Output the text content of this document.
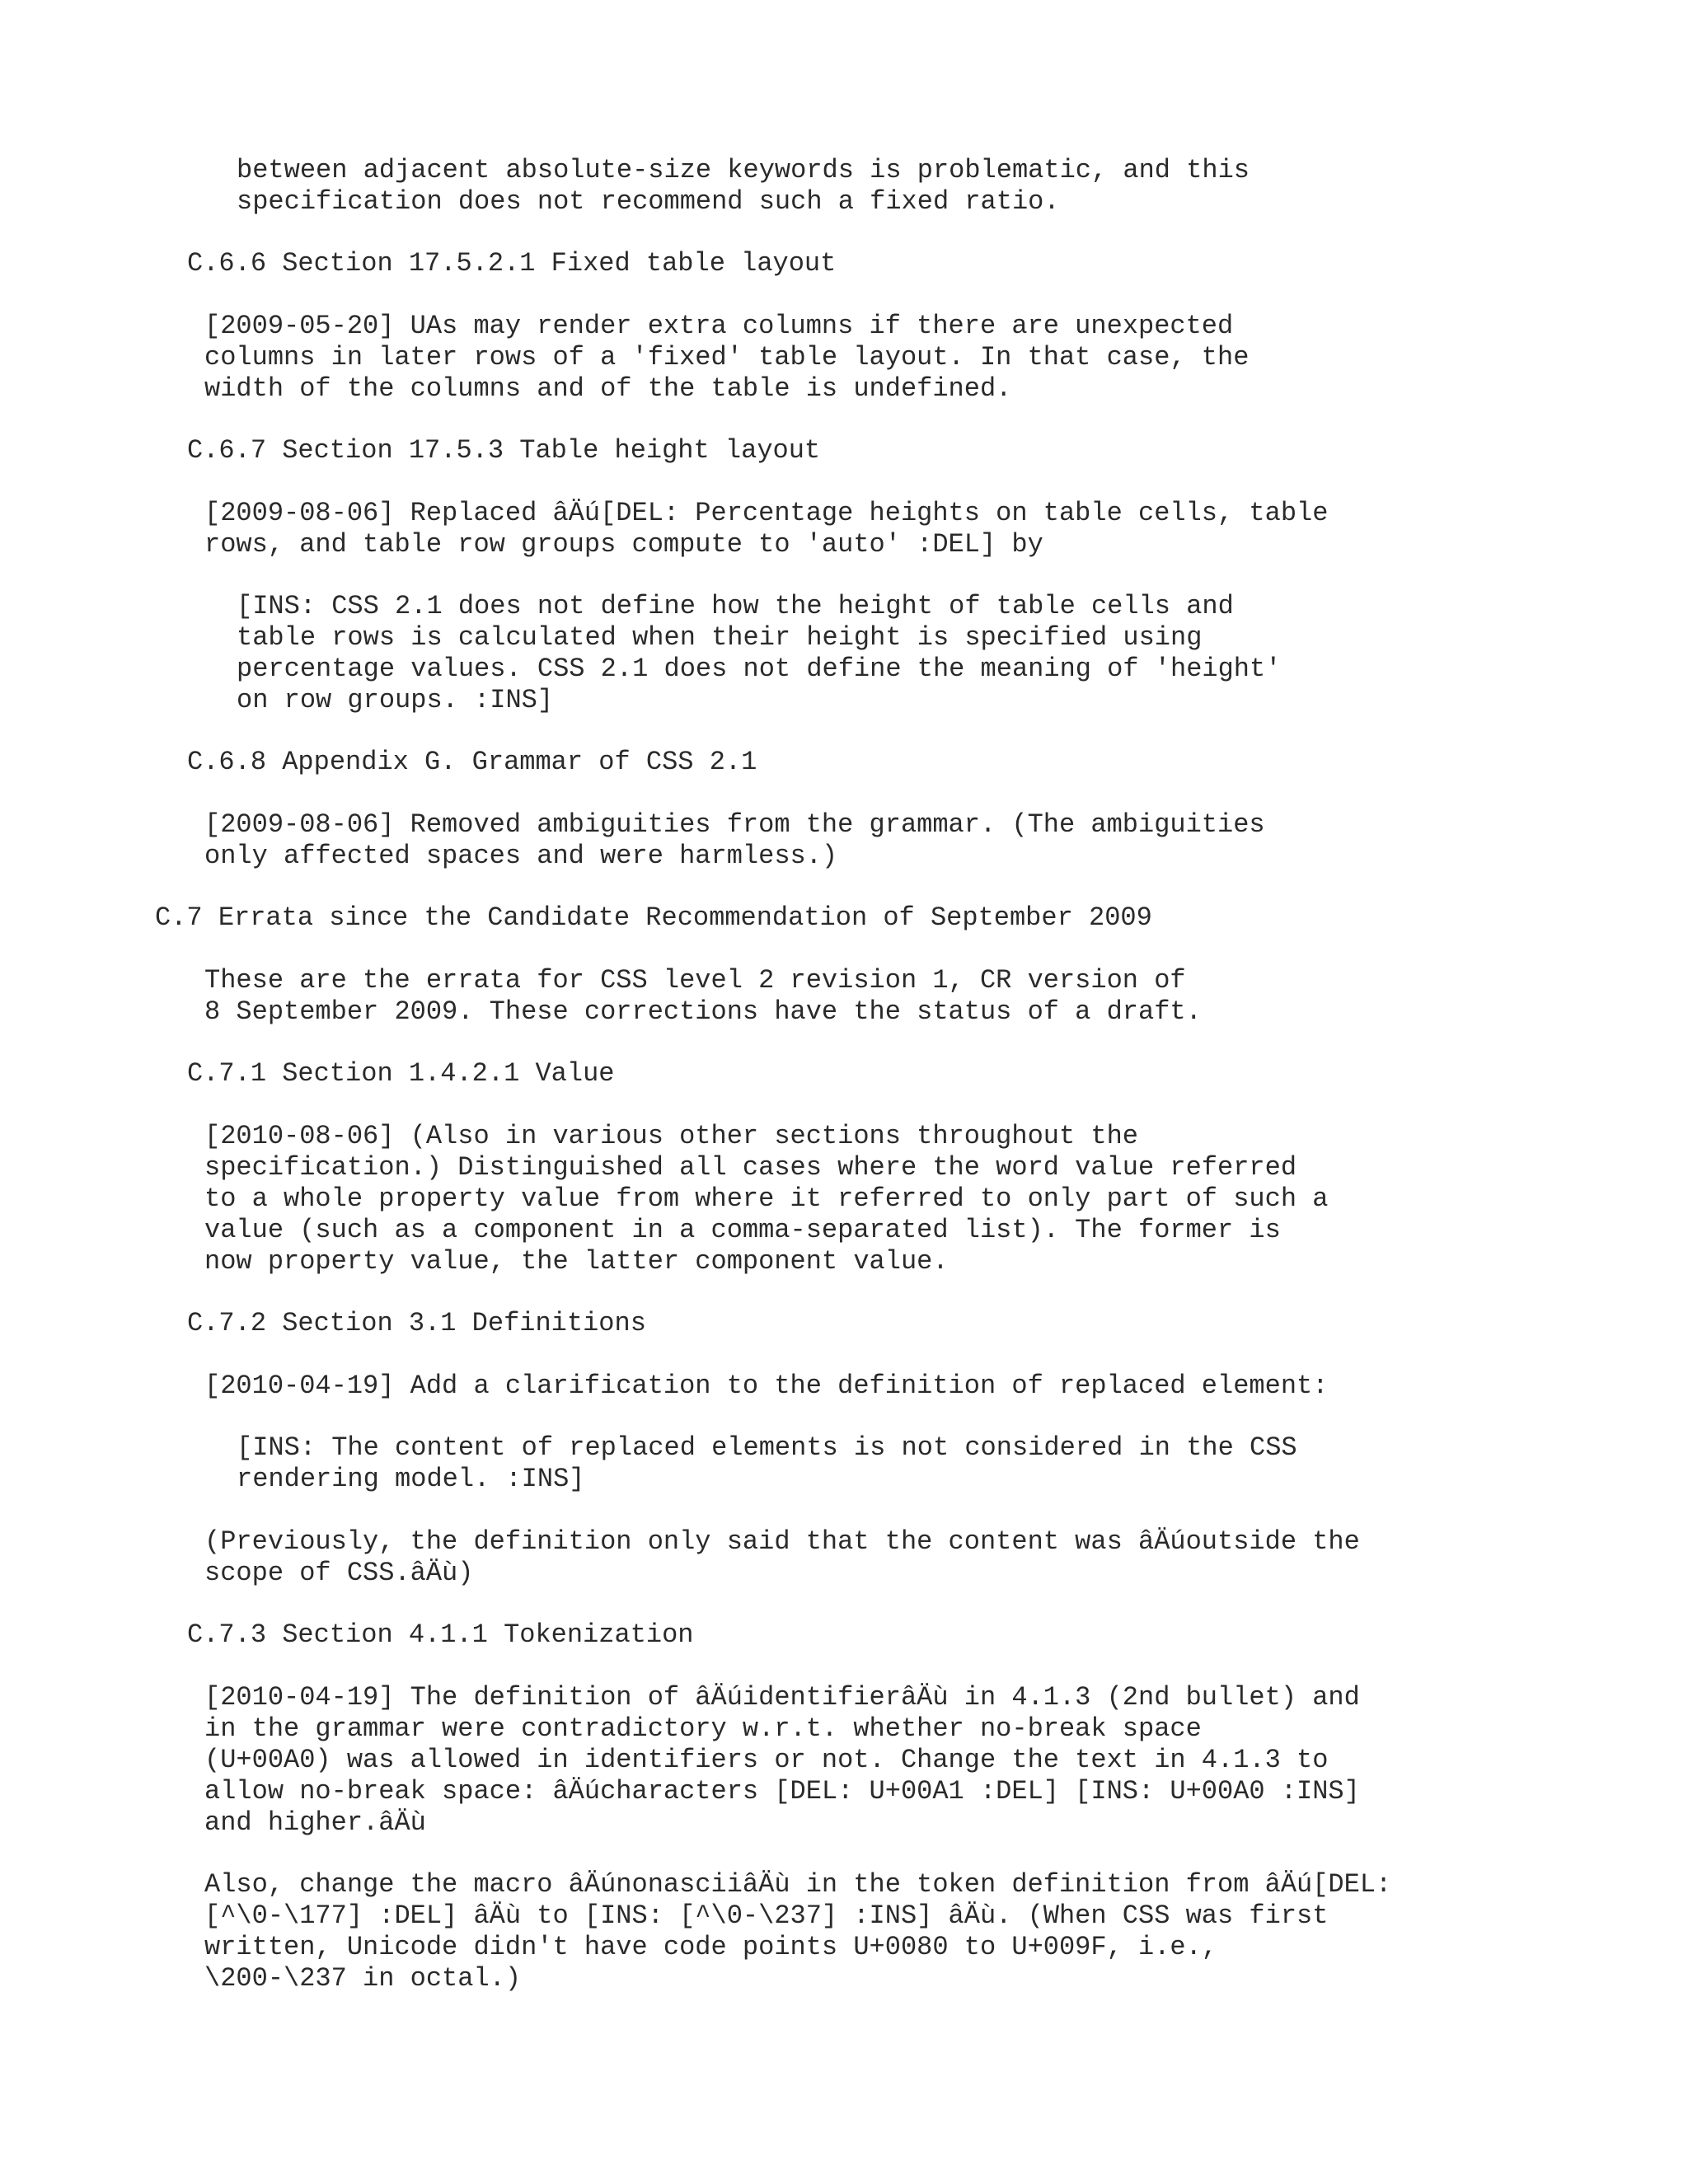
between adjacent absolute-size keywords is problematic, and this
specification does not recommend such a fixed ratio.
C.6.6 Section 17.5.2.1 Fixed table layout
[2009-05-20] UAs may render extra columns if there are unexpected
columns in later rows of a 'fixed' table layout. In that case, the
width of the columns and of the table is undefined.
C.6.7 Section 17.5.3 Table height layout
[2009-08-06] Replaced âÄú[DEL: Percentage heights on table cells, table
rows, and table row groups compute to 'auto' :DEL] by
[INS: CSS 2.1 does not define how the height of table cells and
table rows is calculated when their height is specified using
percentage values. CSS 2.1 does not define the meaning of 'height'
on row groups. :INS]
C.6.8 Appendix G. Grammar of CSS 2.1
[2009-08-06] Removed ambiguities from the grammar. (The ambiguities
only affected spaces and were harmless.)
C.7 Errata since the Candidate Recommendation of September 2009
These are the errata for CSS level 2 revision 1, CR version of
8 September 2009. These corrections have the status of a draft.
C.7.1 Section 1.4.2.1 Value
[2010-08-06] (Also in various other sections throughout the
specification.) Distinguished all cases where the word value referred
to a whole property value from where it referred to only part of such a
value (such as a component in a comma-separated list). The former is
now property value, the latter component value.
C.7.2 Section 3.1 Definitions
[2010-04-19] Add a clarification to the definition of replaced element:
[INS: The content of replaced elements is not considered in the CSS
rendering model. :INS]
(Previously, the definition only said that the content was âÄúoutside the
scope of CSS.âÄù)
C.7.3 Section 4.1.1 Tokenization
[2010-04-19] The definition of âÄúidentifierâÄù in 4.1.3 (2nd bullet) and
in the grammar were contradictory w.r.t. whether no-break space
(U+00A0) was allowed in identifiers or not. Change the text in 4.1.3 to
allow no-break space: âÄúcharacters [DEL: U+00A1 :DEL] [INS: U+00A0 :INS]
and higher.âÄù
Also, change the macro âÄúnonasciiâÄù in the token definition from âÄú[DEL:
[^\0-\177] :DEL] âÄù to [INS: [^\0-\237] :INS] âÄù. (When CSS was first
written, Unicode didn't have code points U+0080 to U+009F, i.e.,
\200-\237 in octal.)
